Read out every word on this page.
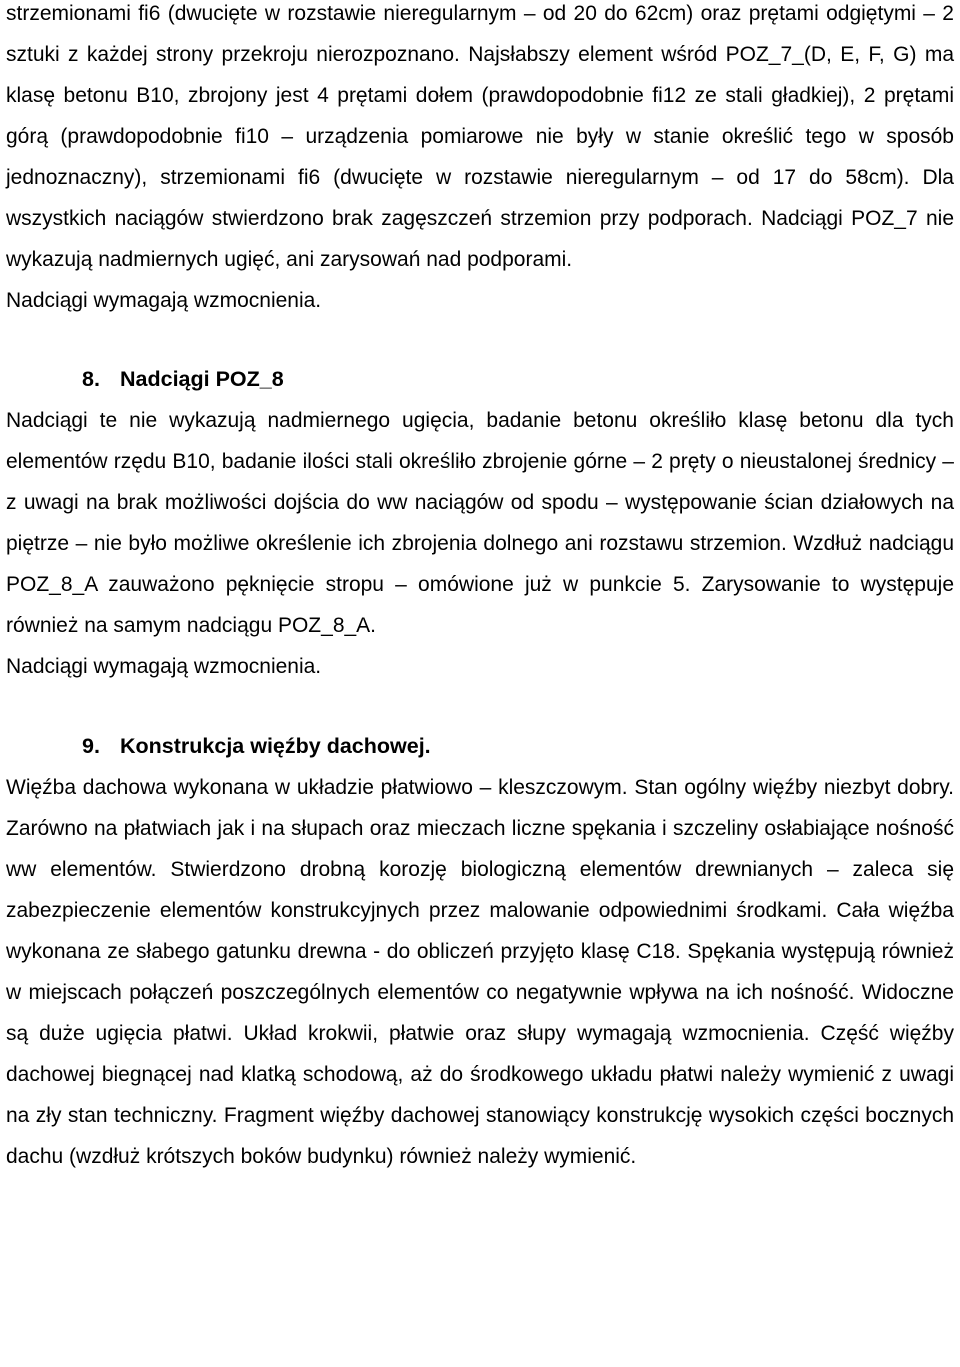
strzemionami fi6 (dwucięte w rozstawie nieregularnym – od 20 do 62cm) oraz prętami odgiętymi – 2 sztuki z każdej strony przekroju nierozpoznano. Najsłabszy element wśród POZ_7_(D, E, F, G) ma klasę betonu B10, zbrojony jest 4 prętami dołem (prawdopodobnie fi12 ze stali gładkiej), 2 prętami górą (prawdopodobnie fi10 – urządzenia pomiarowe nie były w stanie określić tego w sposób jednoznaczny), strzemionami fi6 (dwucięte w rozstawie nieregularnym – od 17 do 58cm). Dla wszystkich naciągów stwierdzono brak zagęszczeń strzemion przy podporach. Nadciągi POZ_7 nie wykazują nadmiernych ugięć, ani zarysowań nad podporami.

Nadciągi wymagają wzmocnienia.

8. Nadciągi POZ_8

Nadciągi te nie wykazują nadmiernego ugięcia, badanie betonu określiło klasę betonu dla tych elementów rzędu B10, badanie ilości stali określiło zbrojenie górne – 2 pręty o nieustalonej średnicy – z uwagi na brak możliwości dojścia do ww naciągów od spodu – występowanie ścian działowych na piętrze – nie było możliwe określenie ich zbrojenia dolnego ani rozstawu strzemion. Wzdłuż nadciągu POZ_8_A zauważono pęknięcie stropu – omówione już w punkcie 5. Zarysowanie to występuje również na samym nadciągu POZ_8_A.

Nadciągi wymagają wzmocnienia.

9. Konstrukcja więźby dachowej.

Więźba dachowa wykonana w układzie płatwiowo – kleszczowym. Stan ogólny więźby niezbyt dobry. Zarówno na płatwiach jak i na słupach oraz mieczach liczne spękania i szczeliny osłabiające nośność ww elementów. Stwierdzono drobną korozję biologiczną elementów drewnianych – zaleca się zabezpieczenie elementów konstrukcyjnych przez malowanie odpowiednimi środkami. Cała więźba wykonana ze słabego gatunku drewna - do obliczeń przyjęto klasę C18. Spękania występują również w miejscach połączeń poszczególnych elementów co negatywnie wpływa na ich nośność. Widoczne są duże ugięcia płatwi. Układ krokwii, płatwie oraz słupy wymagają wzmocnienia. Część więźby dachowej biegnącej nad klatką schodową, aż do środkowego układu płatwi należy wymienić z uwagi na zły stan techniczny. Fragment więźby dachowej stanowiący konstrukcję wysokich części bocznych dachu (wzdłuż krótszych boków budynku) również należy wymienić.
